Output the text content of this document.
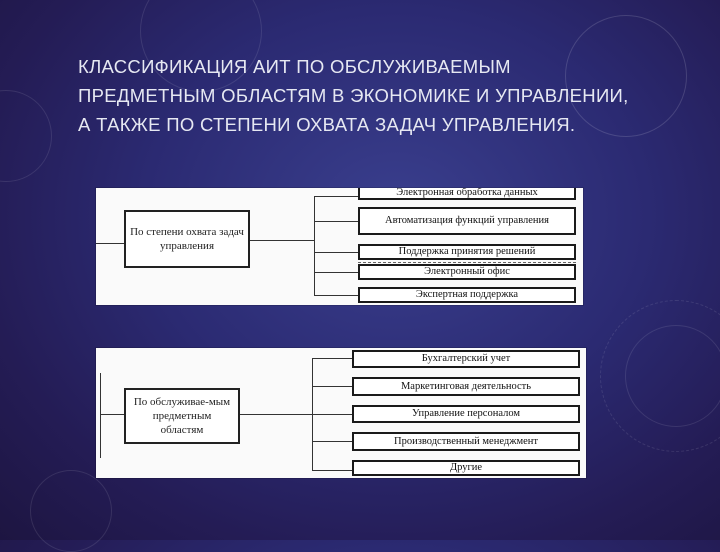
КЛАССИФИКАЦИЯ АИТ ПО ОБСЛУЖИВАЕМЫМ ПРЕДМЕТНЫМ ОБЛАСТЯМ В ЭКОНОМИКЕ И УПРАВЛЕНИИ, А ТАКЖЕ ПО СТЕПЕНИ ОХВАТА ЗАДАЧ УПРАВЛЕНИЯ.
По степени охвата задач управления
Электронная обработка данных
Автоматизация функций управления
Поддержка принятия решений
Электронный офис
Экспертная поддержка
По обслуживае-мым предметным областям
Бухгалтерский учет
Маркетинговая деятельность
Управление персоналом
Производственный менеджмент
Другие
